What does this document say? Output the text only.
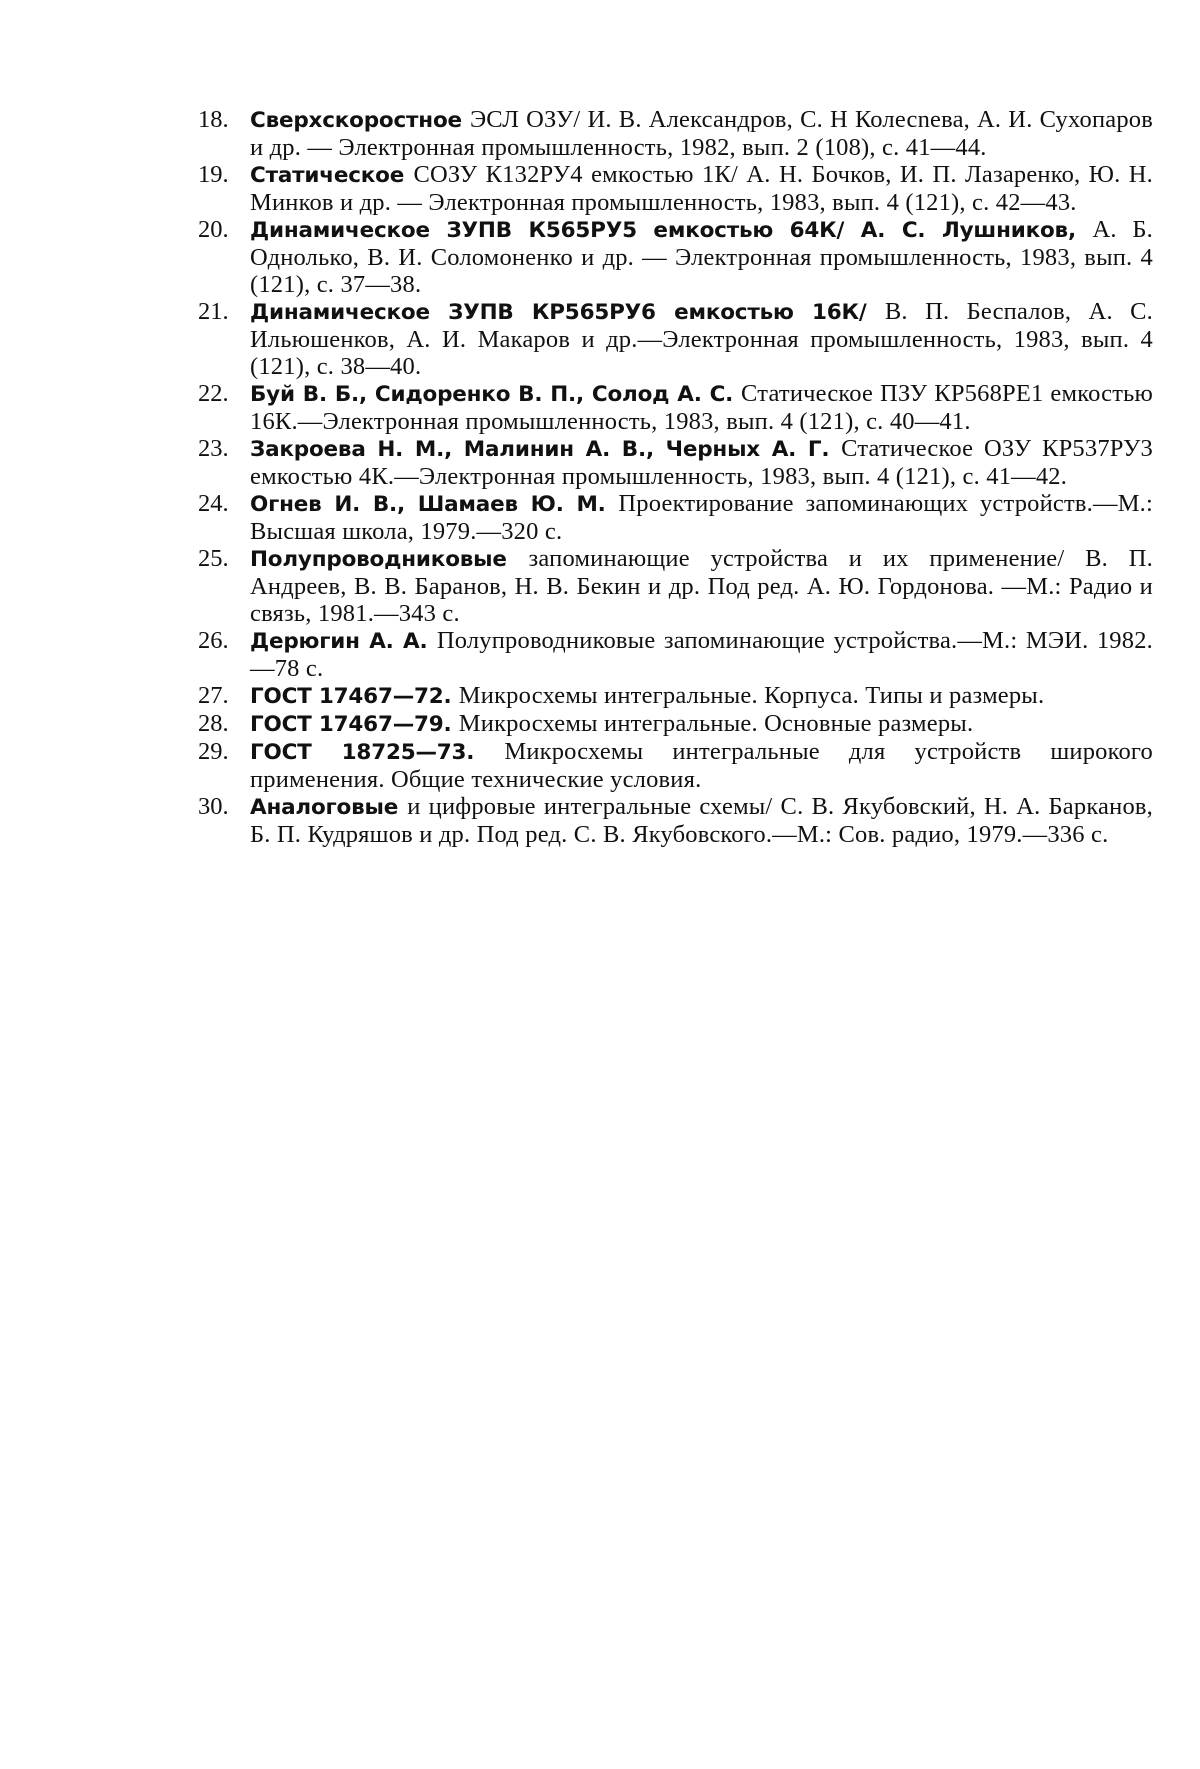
18. Сверхскоростное ЭСЛ ОЗУ/ И. В. Александров, С. Н Колесneва, А. И. Сухопаров и др. — Электронная промышленность, 1982, вып. 2 (108), с. 41—44.
19. Статическое СОЗУ К132РУ4 емкостью 1К/ А. Н. Бочков, И. П. Лазаренко, Ю. Н. Минков и др. — Электронная промышленность, 1983, вып. 4 (121), с. 42—43.
20. Динамическое ЗУПВ К565РУ5 емкостью 64К/ А. С. Лушников, А. Б. Однолько, В. И. Соломоненко и др. — Электронная промышленность, 1983, вып. 4 (121), с. 37—38.
21. Динамическое ЗУПВ КР565РУ6 емкостью 16К/ В. П. Беспалов, А. С. Ильюшенков, А. И. Макаров и др.—Электронная промышленность, 1983, вып. 4 (121), с. 38—40.
22. Буй В. Б., Сидоренко В. П., Солод А. С. Статическое ПЗУ КР568РЕ1 емкостью 16К.—Электронная промышленность, 1983, вып. 4 (121), с. 40—41.
23. Закроева Н. М., Малинин А. В., Черных А. Г. Статическое ОЗУ КР537РУ3 емкостью 4К.—Электронная промышленность, 1983, вып. 4 (121), с. 41—42.
24. Огнев И. В., Шамаев Ю. М. Проектирование запоминающих устройств.—М.: Высшая школа, 1979.—320 с.
25. Полупроводниковые запоминающие устройства и их применение/ В. П. Андреев, В. В. Баранов, Н. В. Бекин и др. Под ред. А. Ю. Гордонова. —М.: Радио и связь, 1981.—343 с.
26. Дерюгин А. А. Полупроводниковые запоминающие устройства.—М.: МЭИ. 1982.—78 с.
27. ГОСТ 17467—72. Микросхемы интегральные. Корпуса. Типы и размеры.
28. ГОСТ 17467—79. Микросхемы интегральные. Основные размеры.
29. ГОСТ 18725—73. Микросхемы интегральные для устройств широкого применения. Общие технические условия.
30. Аналоговые и цифровые интегральные схемы/ С. В. Якубовский, Н. А. Барканов, Б. П. Кудряшов и др. Под ред. С. В. Якубовского.—М.: Сов. радио, 1979.—336 с.
